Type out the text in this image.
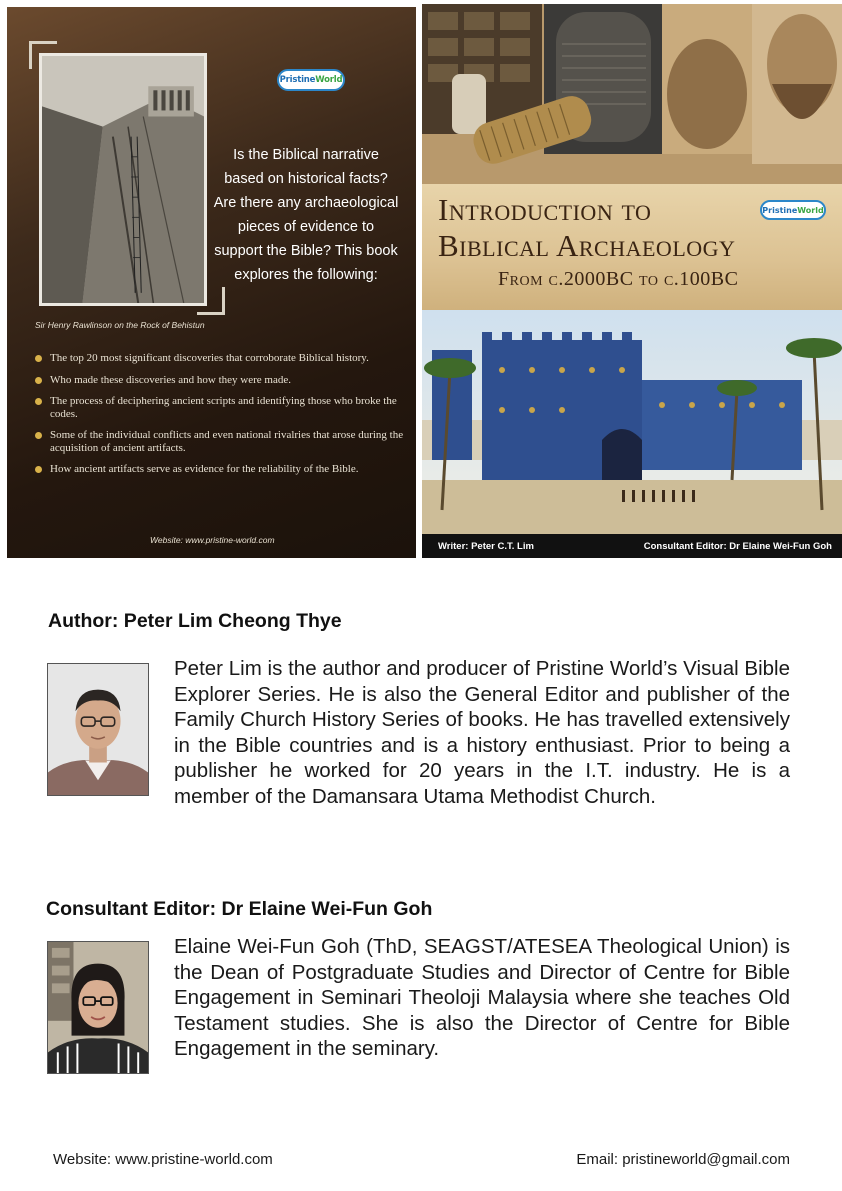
Sir Henry Rawlinson on the Rock of Behistun
Pristine World
Is the Biblical narrative based on historical facts? Are there any archaeological pieces of evidence to support the Bible? This book explores the following:
The top 20 most significant discoveries that corroborate Biblical history.
Who made these discoveries and how they were made.
The process of deciphering ancient scripts and identifying those who broke the codes.
Some of the individual conflicts and even national rivalries that arose during the acquisition of ancient artifacts.
How ancient artifacts serve as evidence for the reliability of the Bible.
Website: www.pristine-world.com
Introduction to
Biblical Archaeology
From c.2000BC to c.100BC
Pristine World
Writer: Peter C.T. Lim	Consultant Editor: Dr Elaine Wei-Fun Goh
Author: Peter Lim Cheong Thye
Peter Lim is the author and producer of Pristine World’s Visual Bible Explorer Series. He is also the General Editor and publisher of the Family Church History Series of books. He has travelled extensively in the Bible countries and is a history enthusiast. Prior to being a publisher he worked for 20 years in the I.T. industry. He is a member of the Damansara Utama Methodist Church.
Consultant Editor: Dr Elaine Wei-Fun Goh
Elaine Wei-Fun Goh (ThD, SEAGST/ATESEA Theological Union) is the Dean of Postgraduate Studies and Director of Centre for Bible Engagement in Seminari Theoloji Malaysia where she teaches Old Testament studies. She is also the Director of Centre for Bible Engagement in the seminary.
Website: www.pristine-world.com	Email: pristineworld@gmail.com
